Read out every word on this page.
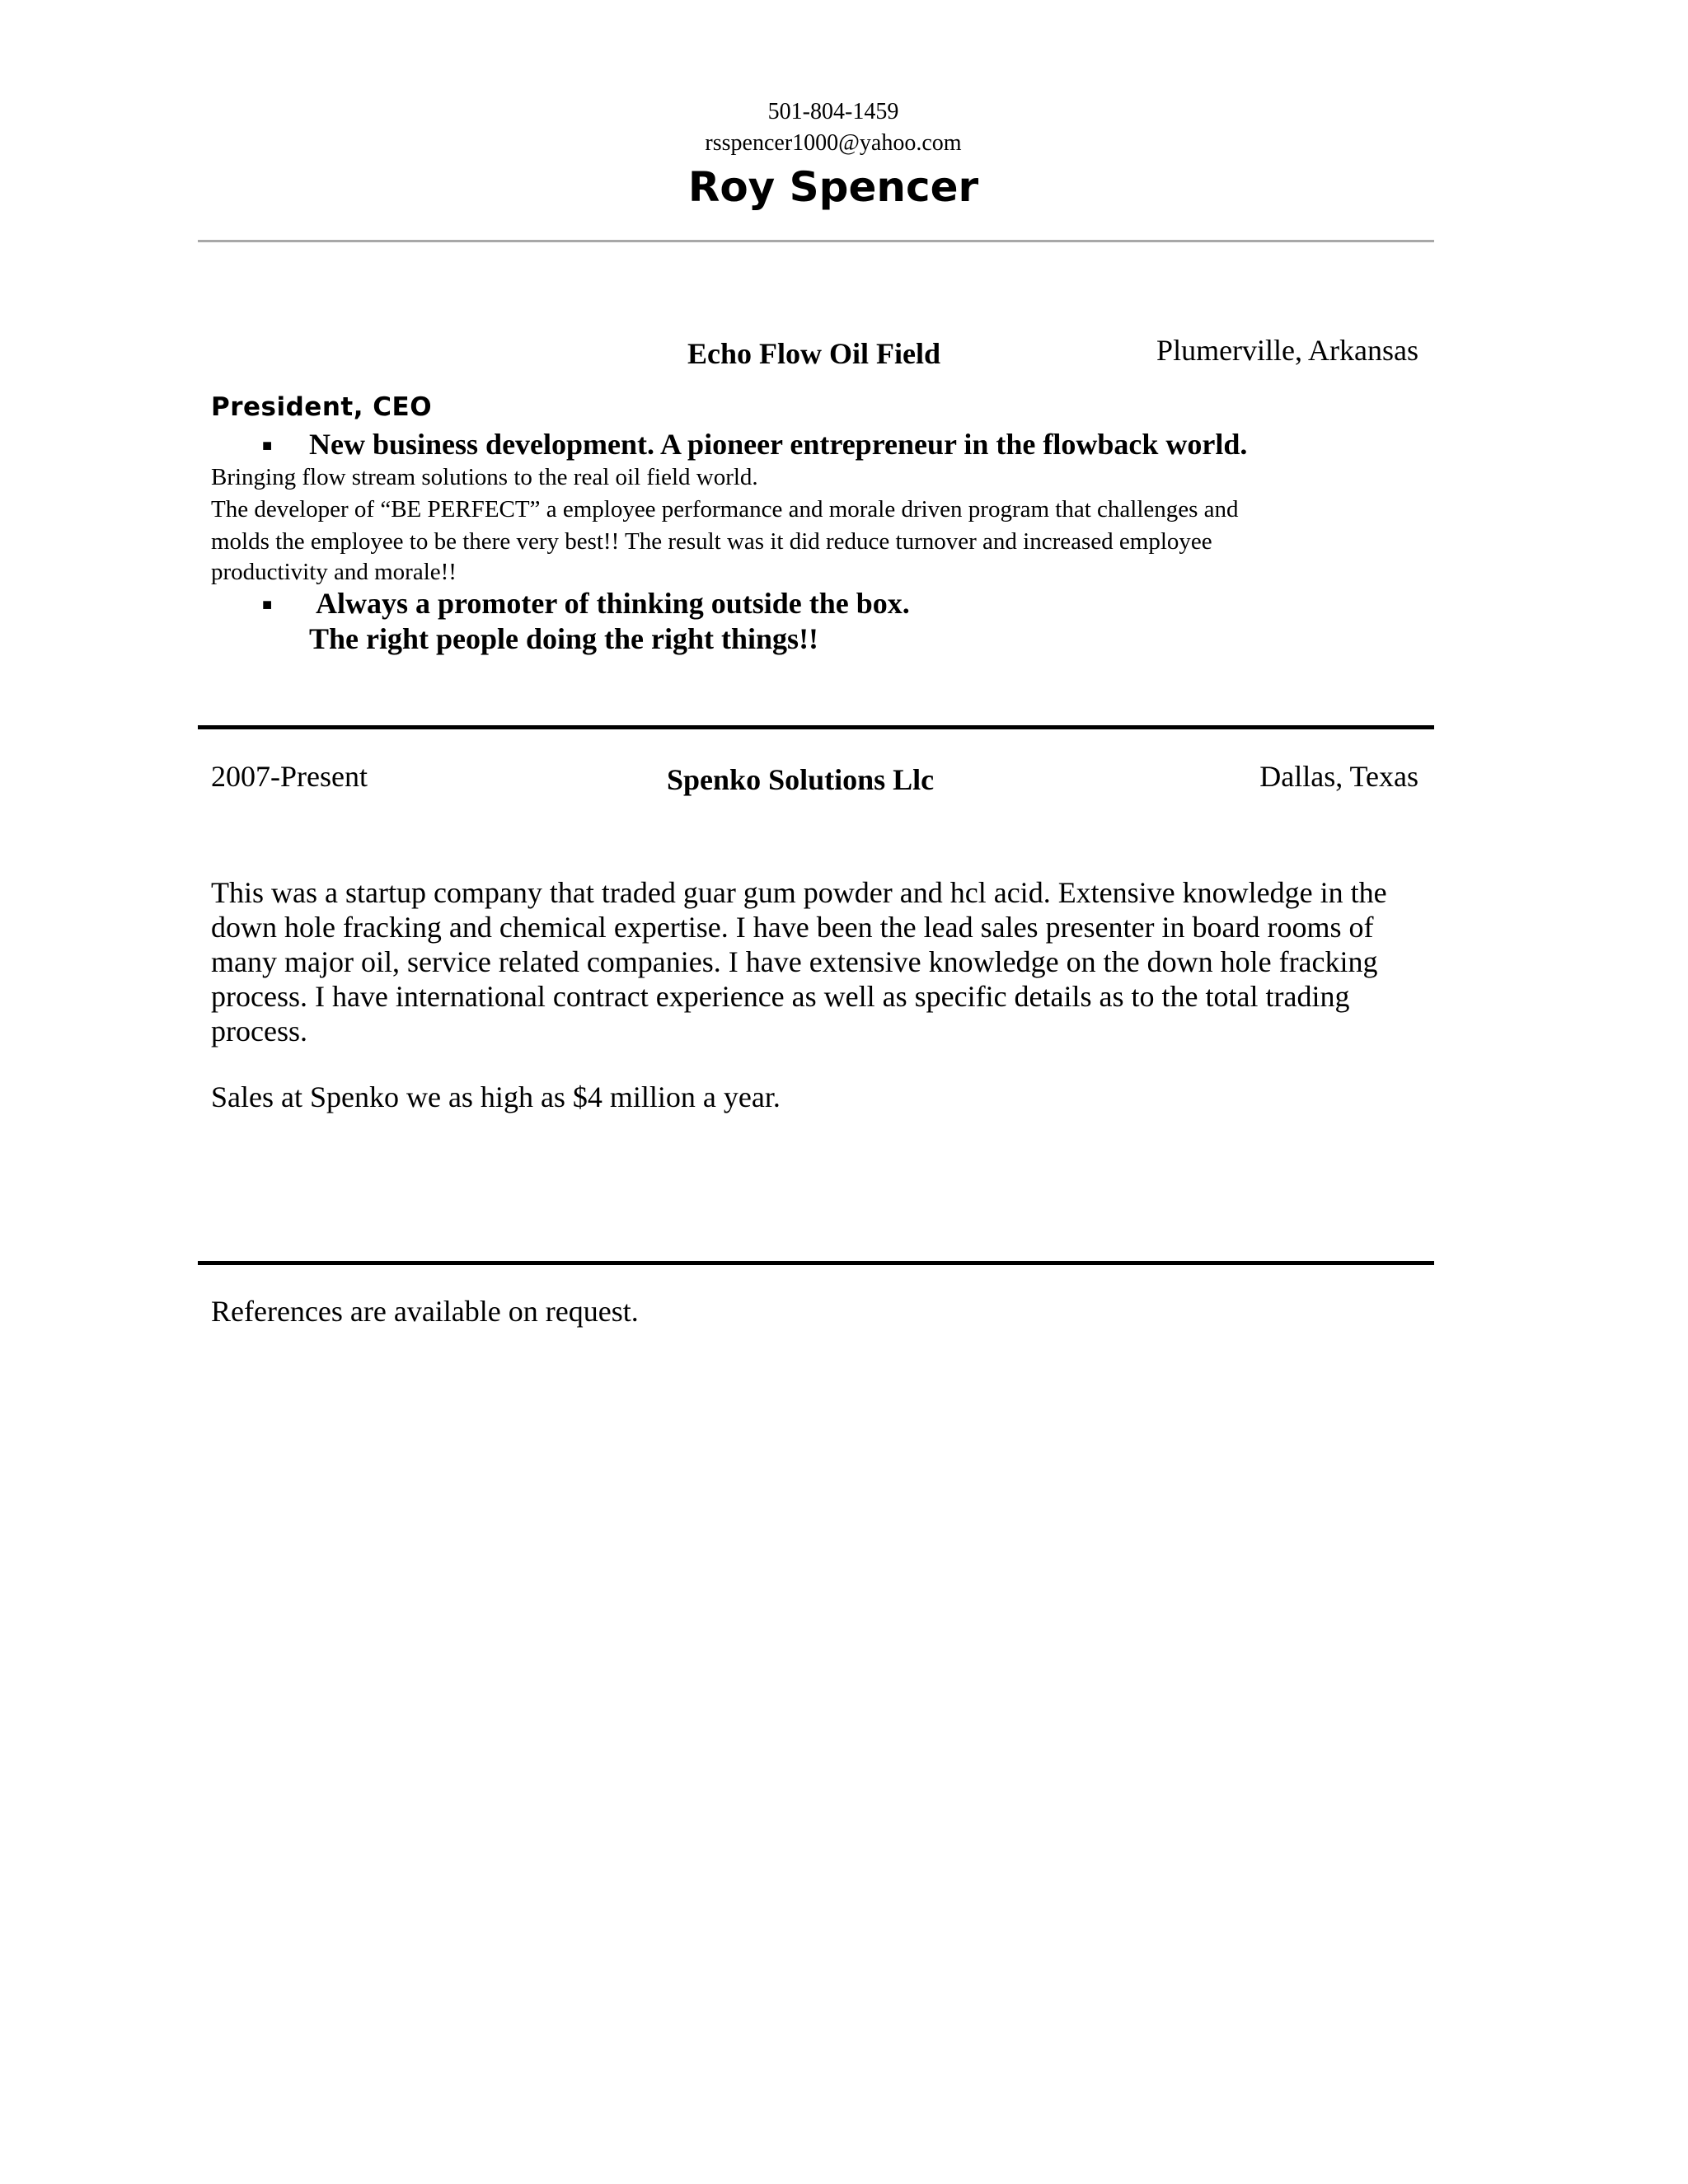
501-804-1459
rsspencer1000@yahoo.com
Roy Spencer
Echo Flow Oil Field	Plumerville, Arkansas
President, CEO
■ New business development. A pioneer entrepreneur in the flowback world.
Bringing flow stream solutions to the real oil field world.
The developer of “BE PERFECT” a employee performance and morale driven program that challenges and
molds the employee to be there very best!! The result was it did reduce turnover and increased employee
productivity and morale!!
■ Always a promoter of thinking outside the box.
The right people doing the right things!!
2007-Present	Spenko Solutions Llc	Dallas, Texas
This was a startup company that traded guar gum powder and hcl acid. Extensive knowledge in the
down hole fracking and chemical expertise. I have been the lead sales presenter in board rooms of
many major oil, service related companies. I have extensive knowledge on the down hole fracking
process. I have international contract experience as well as specific details as to the total trading
process.
Sales at Spenko we as high as $4 million a year.
References are available on request.
